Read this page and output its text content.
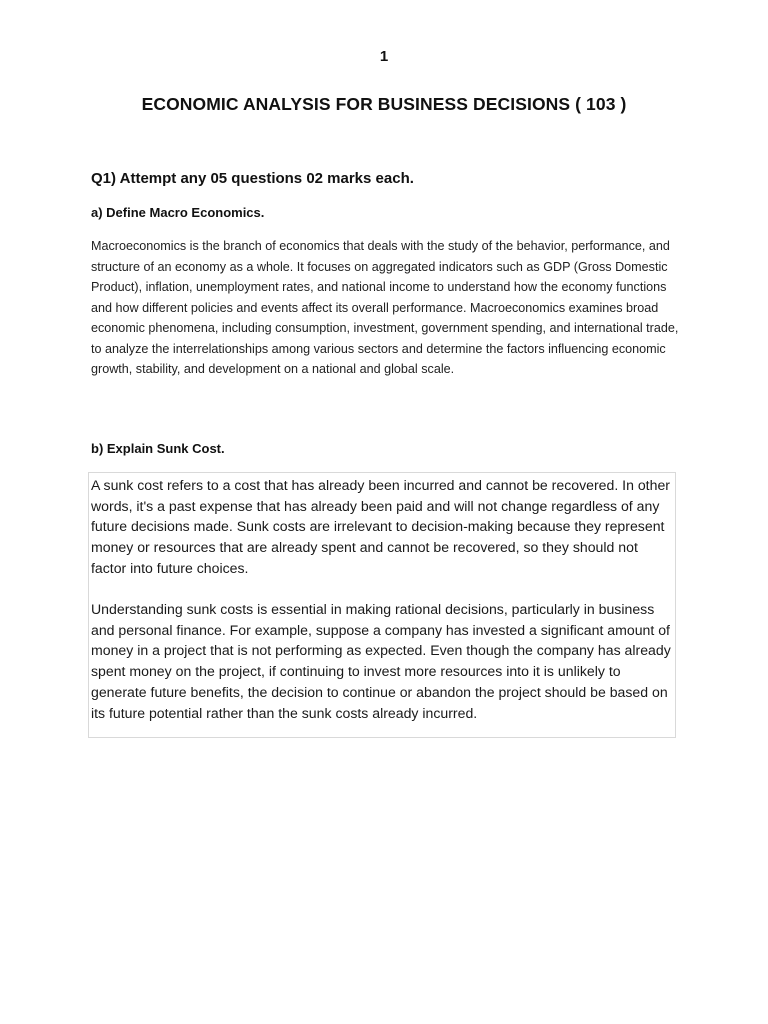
1
ECONOMIC ANALYSIS FOR BUSINESS DECISIONS ( 103 )
Q1) Attempt any 05 questions 02 marks each.
a) Define Macro Economics.
Macroeconomics is the branch of economics that deals with the study of the behavior, performance, and structure of an economy as a whole. It focuses on aggregated indicators such as GDP (Gross Domestic Product), inflation, unemployment rates, and national income to understand how the economy functions and how different policies and events affect its overall performance. Macroeconomics examines broad economic phenomena, including consumption, investment, government spending, and international trade, to analyze the interrelationships among various sectors and determine the factors influencing economic growth, stability, and development on a national and global scale.
b) Explain Sunk Cost.

A sunk cost refers to a cost that has already been incurred and cannot be recovered. In other words, it's a past expense that has already been paid and will not change regardless of any future decisions made. Sunk costs are irrelevant to decision-making because they represent money or resources that are already spent and cannot be recovered, so they should not factor into future choices.

Understanding sunk costs is essential in making rational decisions, particularly in business and personal finance. For example, suppose a company has invested a significant amount of money in a project that is not performing as expected. Even though the company has already spent money on the project, if continuing to invest more resources into it is unlikely to generate future benefits, the decision to continue or abandon the project should be based on its future potential rather than the sunk costs already incurred.
